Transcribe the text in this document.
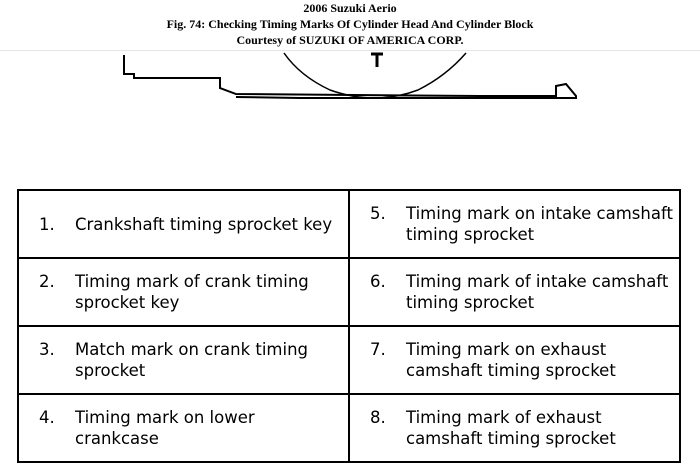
2006 Suzuki Aerio
Fig. 74: Checking Timing Marks Of Cylinder Head And Cylinder Block
Courtesy of SUZUKI OF AMERICA CORP.
1. Crankshaft timing sprocket key	5. Timing mark on intake camshaft timing sprocket

2. Timing mark of crank timing sprocket key	6. Timing mark of intake camshaft timing sprocket

3. Match mark on crank timing sprocket	7. Timing mark on exhaust camshaft timing sprocket

4. Timing mark on lower crankcase	8. Timing mark of exhaust camshaft timing sprocket
